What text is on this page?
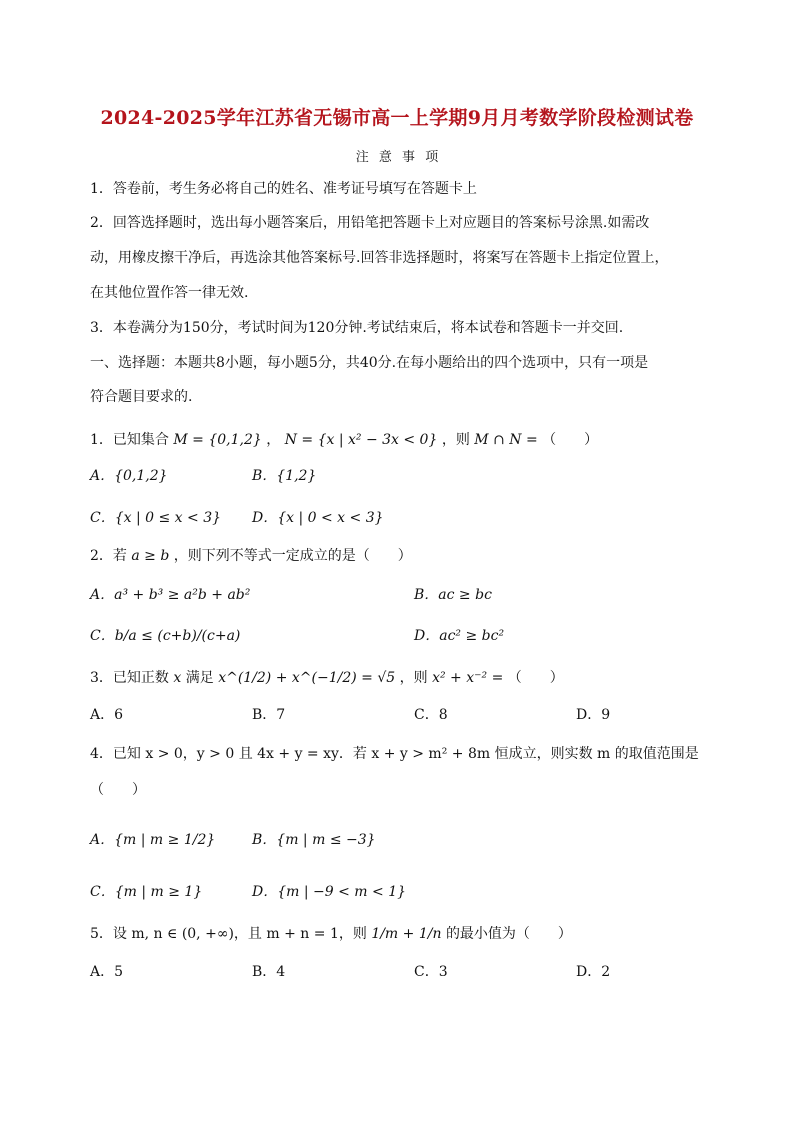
2024-2025学年江苏省无锡市高一上学期9月月考数学阶段检测试卷
注 意 事 项
1．答卷前，考生务必将自己的姓名、准考证号填写在答题卡上
2．回答选择题时，选出每小题答案后，用铅笔把答题卡上对应题目的答案标号涂黑.如需改
动，用橡皮擦干净后，再选涂其他答案标号.回答非选择题时，将案写在答题卡上指定位置上，
在其他位置作答一律无效.
3．本卷满分为150分，考试时间为120分钟.考试结束后，将本试卷和答题卡一并交回.
一、选择题：本题共8小题，每小题5分，共40分.在每小题给出的四个选项中，只有一项是
符合题目要求的.
1．已知集合 M = {0,1,2} ， N = {x | x² − 3x < 0} ，则 M ∩ N = （　　）
A．{0,1,2}	B．{1,2}
C．{x | 0 ≤ x < 3} D．{x | 0 < x < 3}
2．若 a ≥ b ，则下列不等式一定成立的是（　　）
A．a³ + b³ ≥ a²b + ab²	B．ac ≥ bc
C．b/a ≤ (c+b)/(c+a)	D．ac² ≥ bc²
3．已知正数 x 满足 x^(1/2) + x^(−1/2) = √5 ，则 x² + x⁻² = （　　）
A．6	B．7	C．8	D．9
4．已知 x > 0，y > 0 且 4x + y = xy．若 x + y > m² + 8m 恒成立，则实数 m 的取值范围是
（　　）
A．{m | m ≥ 1/2}	B．{m | m ≤ −3}
C．{m | m ≥ 1}	D．{m | −9 < m < 1}
5．设 m, n ∈ (0, +∞)，且 m + n = 1，则 1/m + 1/n 的最小值为（　　）
A．5	B．4	C．3	D．2
